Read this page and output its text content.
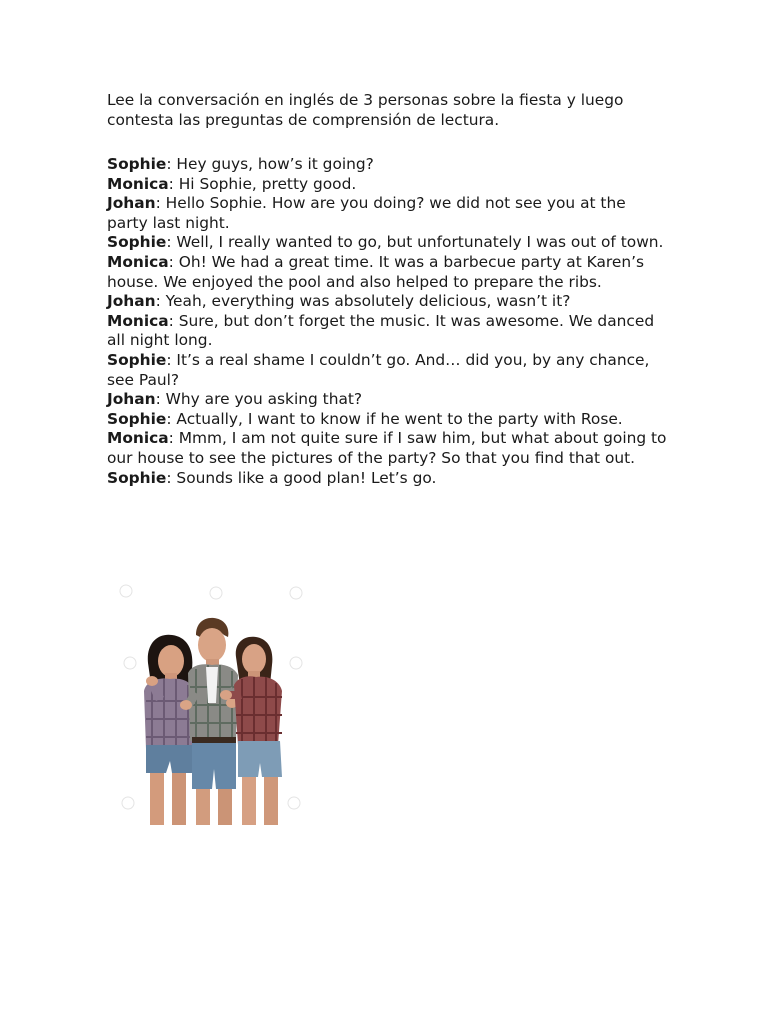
Lee la conversación en inglés de 3 personas sobre la fiesta y luego contesta las preguntas de comprensión de lectura.

Sophie: Hey guys, how’s it going?

Monica: Hi Sophie, pretty good.

Johan: Hello Sophie. How are you doing? we did not see you at the party last night.

Sophie: Well, I really wanted to go, but unfortunately I was out of town.

Monica: Oh! We had a great time. It was a barbecue party at Karen’s house. We enjoyed the pool and also helped to prepare the ribs.

Johan: Yeah, everything was absolutely delicious, wasn’t it?

Monica: Sure, but don’t forget the music. It was awesome. We danced all night long.

Sophie: It’s a real shame I couldn’t go. And… did you, by any chance, see Paul?

Johan: Why are you asking that?

Sophie: Actually, I want to know if he went to the party with Rose.

Monica: Mmm, I am not quite sure if I saw him, but what about going to our house to see the pictures of the party? So that you find that out.

Sophie: Sounds like a good plan! Let’s go.
